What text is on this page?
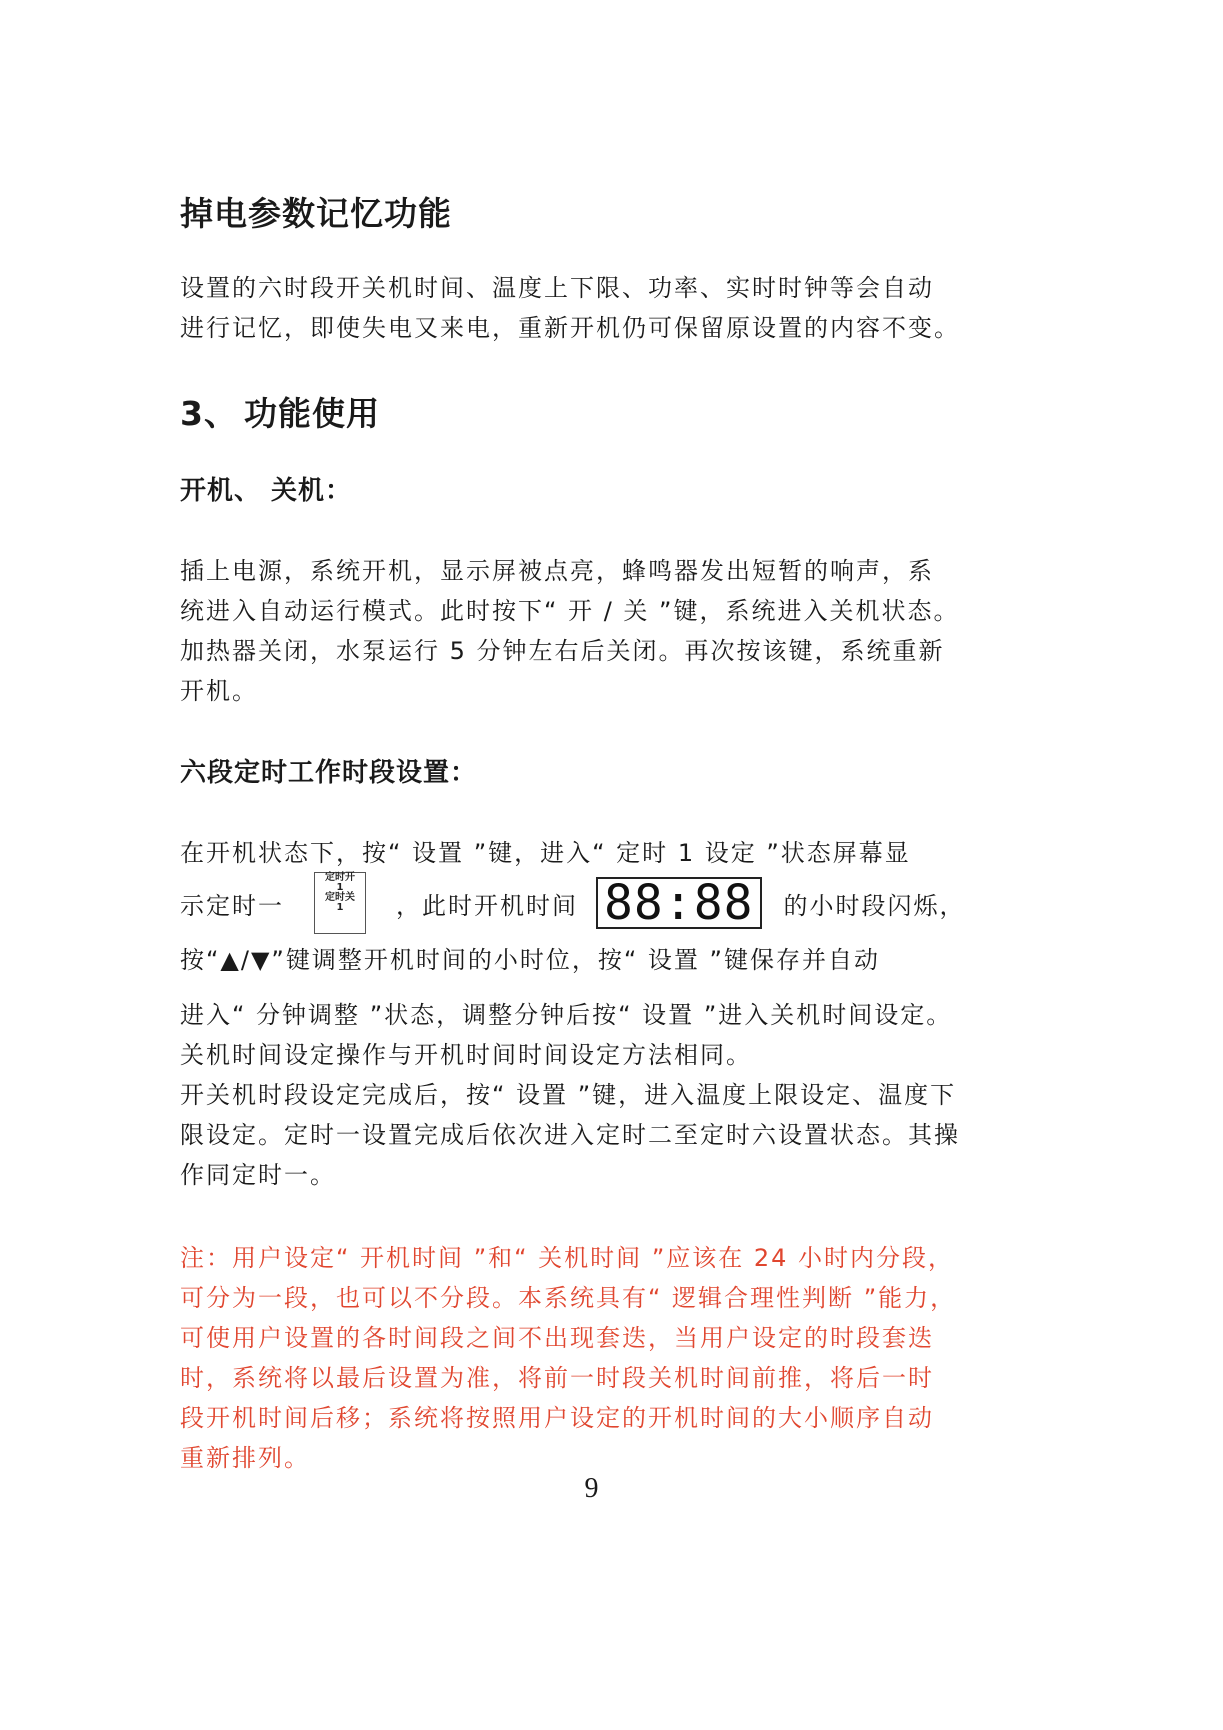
掉电参数记忆功能
设置的六时段开关机时间、温度上下限、功率、实时时钟等会自动
进行记忆，即使失电又来电，重新开机仍可保留原设置的内容不变。
3、 功能使用
开机、 关机：
插上电源，系统开机，显示屏被点亮，蜂鸣器发出短暂的响声，系
统进入自动运行模式。此时按下“ 开 / 关 ”键，系统进入关机状态。
加热器关闭，水泵运行 5 分钟左右后关闭。再次按该键，系统重新
开机。
六段定时工作时段设置：
在开机状态下，按“ 设置 ”键，进入“ 定时 1 设定 ”状态屏幕显
示定时一
定时开
1
定时关
1	，此时开机时间 88:88	的小时段闪烁，
按“▲/▼”键调整开机时间的小时位，按“ 设置 ”键保存并自动
进入“ 分钟调整 ”状态，调整分钟后按“ 设置 ”进入关机时间设定。
关机时间设定操作与开机时间时间设定方法相同。
开关机时段设定完成后，按“ 设置 ”键，进入温度上限设定、温度下
限设定。定时一设置完成后依次进入定时二至定时六设置状态。其操
作同定时一。
注：用户设定“ 开机时间 ”和“ 关机时间 ”应该在 24 小时内分段，
可分为一段，也可以不分段。本系统具有“ 逻辑合理性判断 ”能力，
可使用户设置的各时间段之间不出现套迭，当用户设定的时段套迭
时，系统将以最后设置为准，将前一时段关机时间前推，将后一时
段开机时间后移；系统将按照用户设定的开机时间的大小顺序自动
重新排列。
9
